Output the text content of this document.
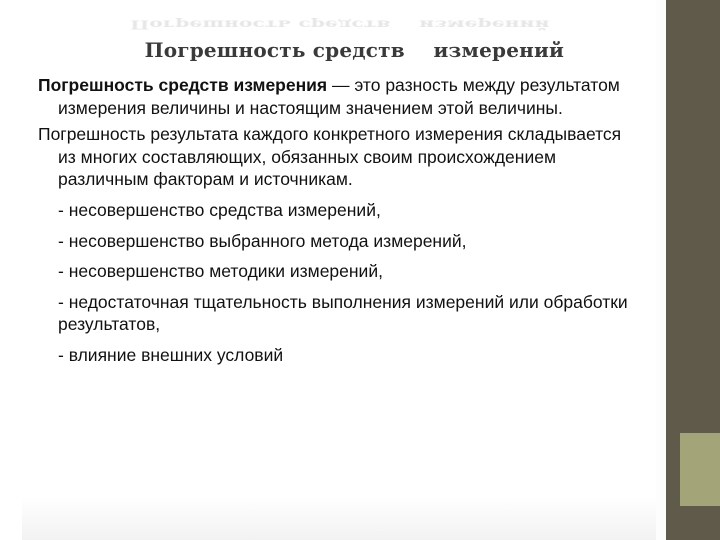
Погрешность средств    измерений

Погрешность средств    измерений

Погрешность средств измерения — это разность между результатом измерения величины и настоящим значением этой величины.

Погрешность результата каждого конкретного измерения складывается из многих составляющих, обязанных своим происхождением различным факторам и источникам.

- несовершенство средства измерений,
- несовершенство выбранного метода измерений,
- несовершенство методики измерений,
- недостаточная тщательность выполнения измерений или обработки результатов,
- влияние внешних условий
